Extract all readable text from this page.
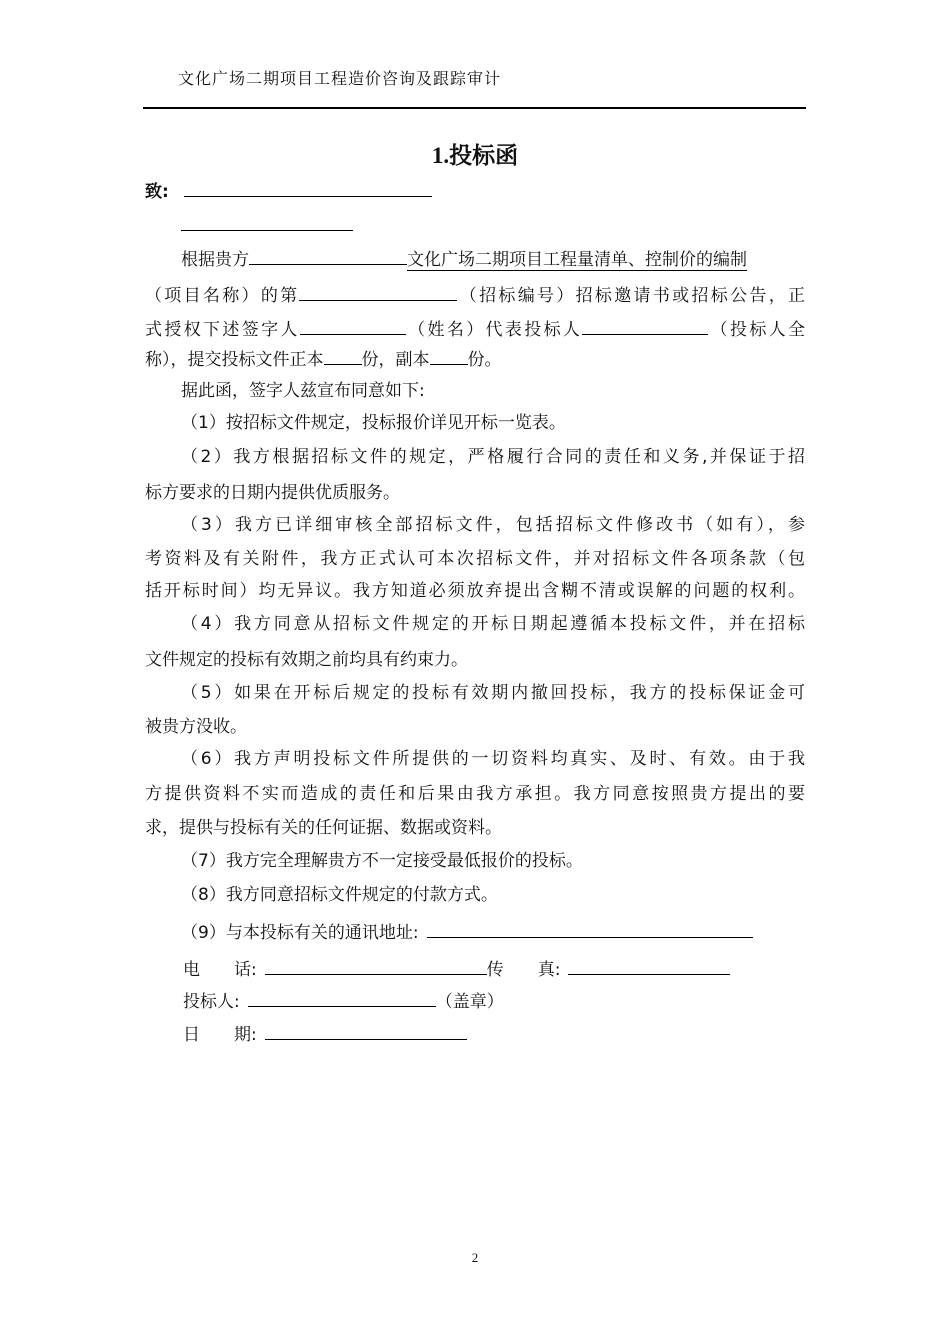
文化广场二期项目工程造价咨询及跟踪审计
1.投标函
致:
根据贵方	文化广场二期项目工程量清单、控制价的编制
（项目名称）的第	（招标编号）招标邀请书或招标公告，正
式授权下述签字人	（姓名）代表投标人	（投标人全
称），提交投标文件正本 份，副本 份。
据此函，签字人兹宣布同意如下:
（1）按招标文件规定，投标报价详见开标一览表。
（2）我方根据招标文件的规定，严格履行合同的责任和义务,并保证于招
标方要求的日期内提供优质服务。
（3）我方已详细审核全部招标文件，包括招标文件修改书（如有），参
考资料及有关附件，我方正式认可本次招标文件，并对招标文件各项条款（包
括开标时间）均无异议。我方知道必须放弃提出含糊不清或误解的问题的权利。
（4）我方同意从招标文件规定的开标日期起遵循本投标文件，并在招标
文件规定的投标有效期之前均具有约束力。
（5）如果在开标后规定的投标有效期内撤回投标，我方的投标保证金可
被贵方没收。
（6）我方声明投标文件所提供的一切资料均真实、及时、有效。由于我
方提供资料不实而造成的责任和后果由我方承担。我方同意按照贵方提出的要
求，提供与投标有关的任何证据、数据或资料。
（7）我方完全理解贵方不一定接受最低报价的投标。
（8）我方同意招标文件规定的付款方式。
（9）与本投标有关的通讯地址:
电　　话:	传　　真:
投标人:	（盖章）
日　　期:
2
